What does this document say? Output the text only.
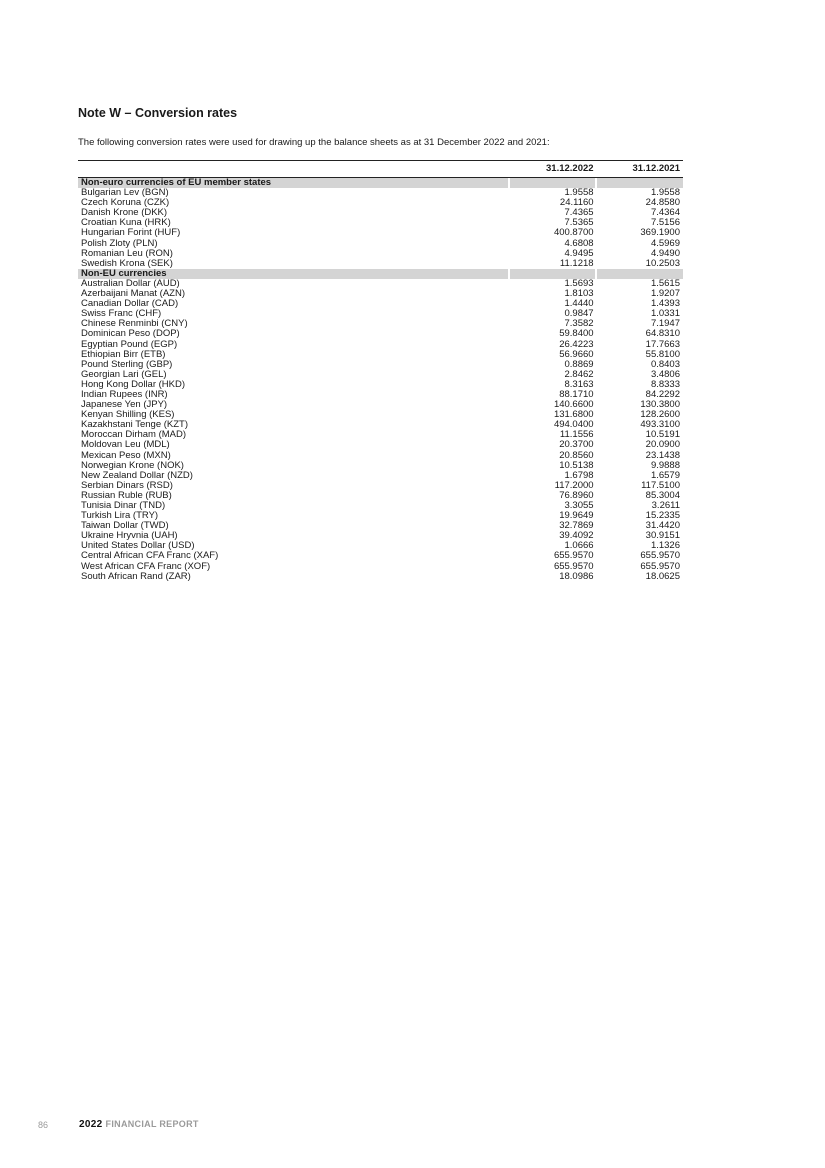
Note W – Conversion rates
The following conversion rates were used for drawing up the balance sheets as at 31 December 2022 and 2021:
	31.12.2022	31.12.2021
Non-euro currencies of EU member states		
Bulgarian Lev (BGN)	1.9558	1.9558
Czech Koruna (CZK)	24.1160	24.8580
Danish Krone (DKK)	7.4365	7.4364
Croatian Kuna (HRK)	7.5365	7.5156
Hungarian Forint (HUF)	400.8700	369.1900
Polish Zloty (PLN)	4.6808	4.5969
Romanian Leu (RON)	4.9495	4.9490
Swedish Krona (SEK)	11.1218	10.2503
Non-EU currencies		
Australian Dollar (AUD)	1.5693	1.5615
Azerbaijani Manat (AZN)	1.8103	1.9207
Canadian Dollar (CAD)	1.4440	1.4393
Swiss Franc (CHF)	0.9847	1.0331
Chinese Renminbi (CNY)	7.3582	7.1947
Dominican Peso (DOP)	59.8400	64.8310
Egyptian Pound (EGP)	26.4223	17.7663
Ethiopian Birr (ETB)	56.9660	55.8100
Pound Sterling (GBP)	0.8869	0.8403
Georgian Lari (GEL)	2.8462	3.4806
Hong Kong Dollar (HKD)	8.3163	8.8333
Indian Rupees (INR)	88.1710	84.2292
Japanese Yen (JPY)	140.6600	130.3800
Kenyan Shilling (KES)	131.6800	128.2600
Kazakhstani Tenge (KZT)	494.0400	493.3100
Moroccan Dirham (MAD)	11.1556	10.5191
Moldovan Leu (MDL)	20.3700	20.0900
Mexican Peso (MXN)	20.8560	23.1438
Norwegian Krone (NOK)	10.5138	9.9888
New Zealand Dollar (NZD)	1.6798	1.6579
Serbian Dinars (RSD)	117.2000	117.5100
Russian Ruble (RUB)	76.8960	85.3004
Tunisia Dinar (TND)	3.3055	3.2611
Turkish Lira (TRY)	19.9649	15.2335
Taiwan Dollar (TWD)	32.7869	31.4420
Ukraine Hryvnia (UAH)	39.4092	30.9151
United States Dollar (USD)	1.0666	1.1326
Central African CFA Franc (XAF)	655.9570	655.9570
West African CFA Franc (XOF)	655.9570	655.9570
South African Rand (ZAR)	18.0986	18.0625
86	2022 FINANCIAL REPORT
